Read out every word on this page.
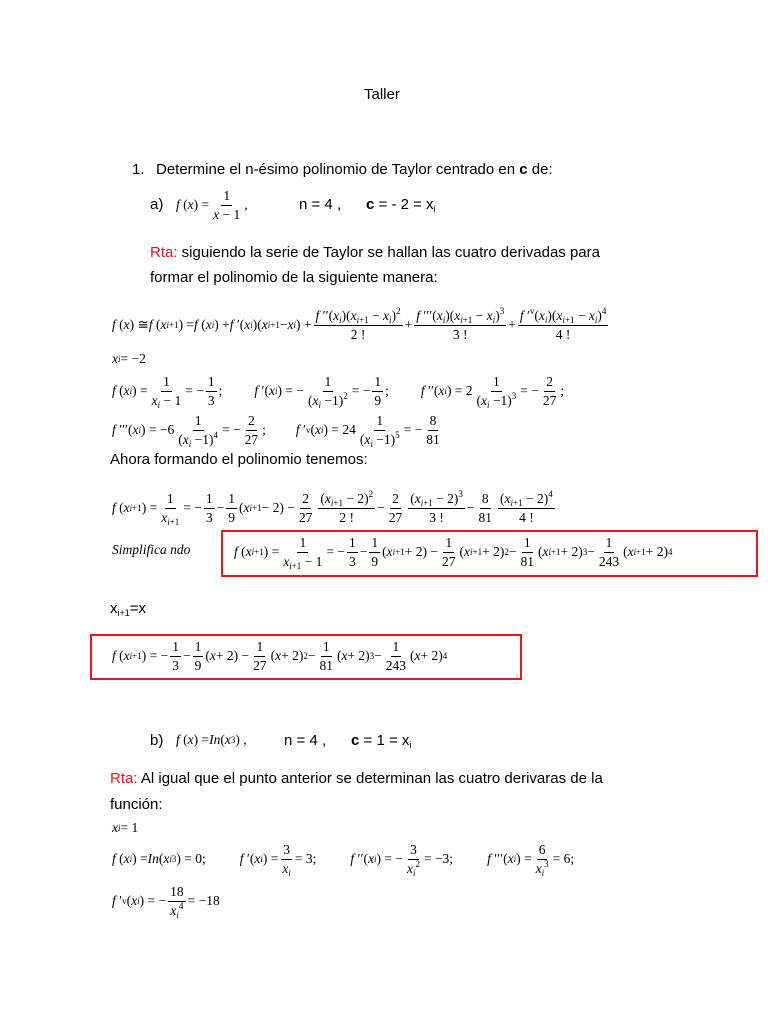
Taller
1. Determine el n-ésimo polinomio de Taylor centrado en c de:
a) f ( x ) =
1
x − 1
,	n = 4 , c = - $2 = x_i$
Rta: siguiendo la serie de Taylor se hallan las cuatro derivadas para
formar el polinomio de la siguiente manera:
f ( x ) ≅ f ( x i+1 ) = f ( x i ) + f ′( x i )( x i+1 − x i ) +
f $''(x_i)(x_{i+1} - x_i)^2$
2 !
+
f $'''(x_i)(x_{i+1} - x_i)^3$
3 !
+
f $'^v(x_i)(x_{i+1} - x_i)^4$
4 !
x i = −2
f ( x i ) =
1
$x_i - 1$
= −
1
3
; f ′( x i ) = −
1
$(x_i -1)^2$ = −
1
9
; f ′′( x i ) = 2
1
$(x_i -1)^3$ = −
2
27
;
f ′′′( x i ) = −6
1
$(x_i -1)^4$ = −
2
27
; f ′ v ( x i ) = 24
1
$(x_i -1)^5$ = −
8
81
Ahora formando el polinomio tenemos:
f ( x i+1 ) =
1
$x_{i+1}$
= −
1
3
−
1
9
( x i+1 − 2) −
2
27
$(x_{i+1} - 2)^2$
2 !
−
2
27
$(x_{i+1} - 2)^3$
3 !
−
8
81
$(x_{i+1} - 2)^4$
4 !
Simplifica ndo	f ( x i+1 ) =
1
$x_{i+1} - 1$
= −
1
3
−
1
9
( x i+1 + 2) −
1
27
( x i+1 + 2) 2 −
1
81
( x i+1 + 2) 3 −
1
243
( x i+1 + 2) 4
$x_{i+1}=x$
f ( x i+1 ) = −
1
3
−
1
9
( x + 2) −
1
27
( x + 2) 2 −
1
81
( x + 2) 3 −
1
243
( x + 2) 4
b) f ( x ) = In ( x 3 ) , n = 4 , $c = 1 = x_i$
Rta: Al igual que el punto anterior se determinan las cuatro derivaras de la
función:
x i = 1
f ( x i ) = In ( x i 3 ) = 0;	f ′( x i ) =
3
$x_i$
= 3;	f ′′( x i ) = −
3
$x_i^2 = -3$;	f ′′′( x i ) =
6
$x_i^3 = 6$;
f ′ v ( x i ) = −
18
$x_i^4 = -18$
